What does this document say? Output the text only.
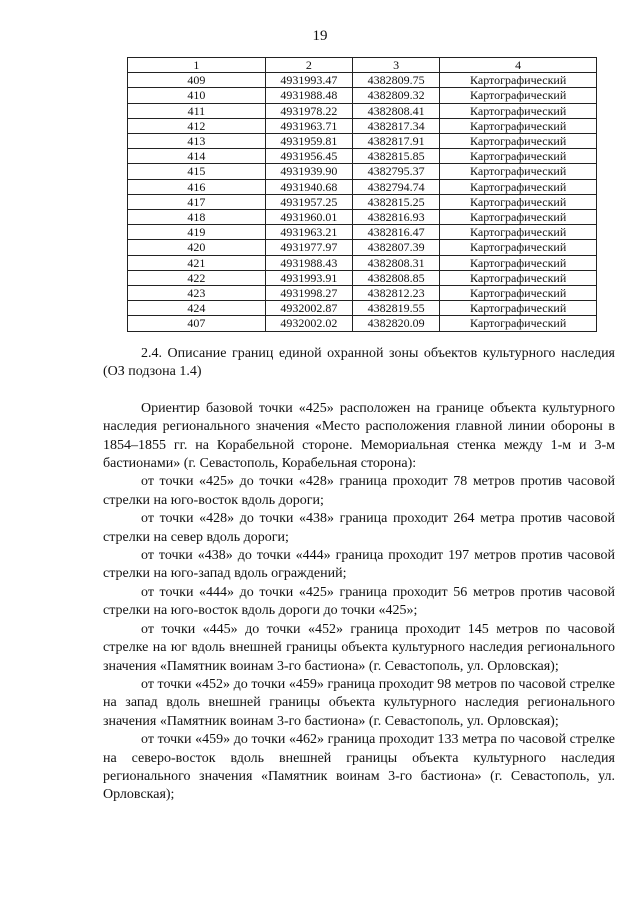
19
1	2	3	4
409	4931993.47	4382809.75	Картографический
410	4931988.48	4382809.32	Картографический
411	4931978.22	4382808.41	Картографический
412	4931963.71	4382817.34	Картографический
413	4931959.81	4382817.91	Картографический
414	4931956.45	4382815.85	Картографический
415	4931939.90	4382795.37	Картографический
416	4931940.68	4382794.74	Картографический
417	4931957.25	4382815.25	Картографический
418	4931960.01	4382816.93	Картографический
419	4931963.21	4382816.47	Картографический
420	4931977.97	4382807.39	Картографический
421	4931988.43	4382808.31	Картографический
422	4931993.91	4382808.85	Картографический
423	4931998.27	4382812.23	Картографический
424	4932002.87	4382819.55	Картографический
407	4932002.02	4382820.09	Картографический

2.4. Описание границ единой охранной зоны объектов культурного наследия (ОЗ подзона 1.4)

Ориентир базовой точки «425» расположен на границе объекта культурного наследия регионального значения «Место расположения главной линии обороны в 1854–1855 гг. на Корабельной стороне. Мемориальная стенка между 1-м и 3-м бастионами» (г. Севастополь, Корабельная сторона):

от точки «425» до точки «428» граница проходит 78 метров против часовой стрелки на юго-восток вдоль дороги;

от точки «428» до точки «438» граница проходит 264 метра против часовой стрелки на север вдоль дороги;

от точки «438» до точки «444» граница проходит 197 метров против часовой стрелки на юго-запад вдоль ограждений;

от точки «444» до точки «425» граница проходит 56 метров против часовой стрелки на юго-восток вдоль дороги до точки «425»;

от точки «445» до точки «452» граница проходит 145 метров по часовой стрелке на юг вдоль внешней границы объекта культурного наследия регионального значения «Памятник воинам 3-го бастиона» (г. Севастополь, ул. Орловская);

от точки «452» до точки «459» граница проходит 98 метров по часовой стрелке на запад вдоль внешней границы объекта культурного наследия регионального значения «Памятник воинам 3-го бастиона» (г. Севастополь, ул. Орловская);

от точки «459» до точки «462» граница проходит 133 метра по часовой стрелке на северо-восток вдоль внешней границы объекта культурного наследия регионального значения «Памятник воинам 3-го бастиона» (г. Севастополь, ул. Орловская);
